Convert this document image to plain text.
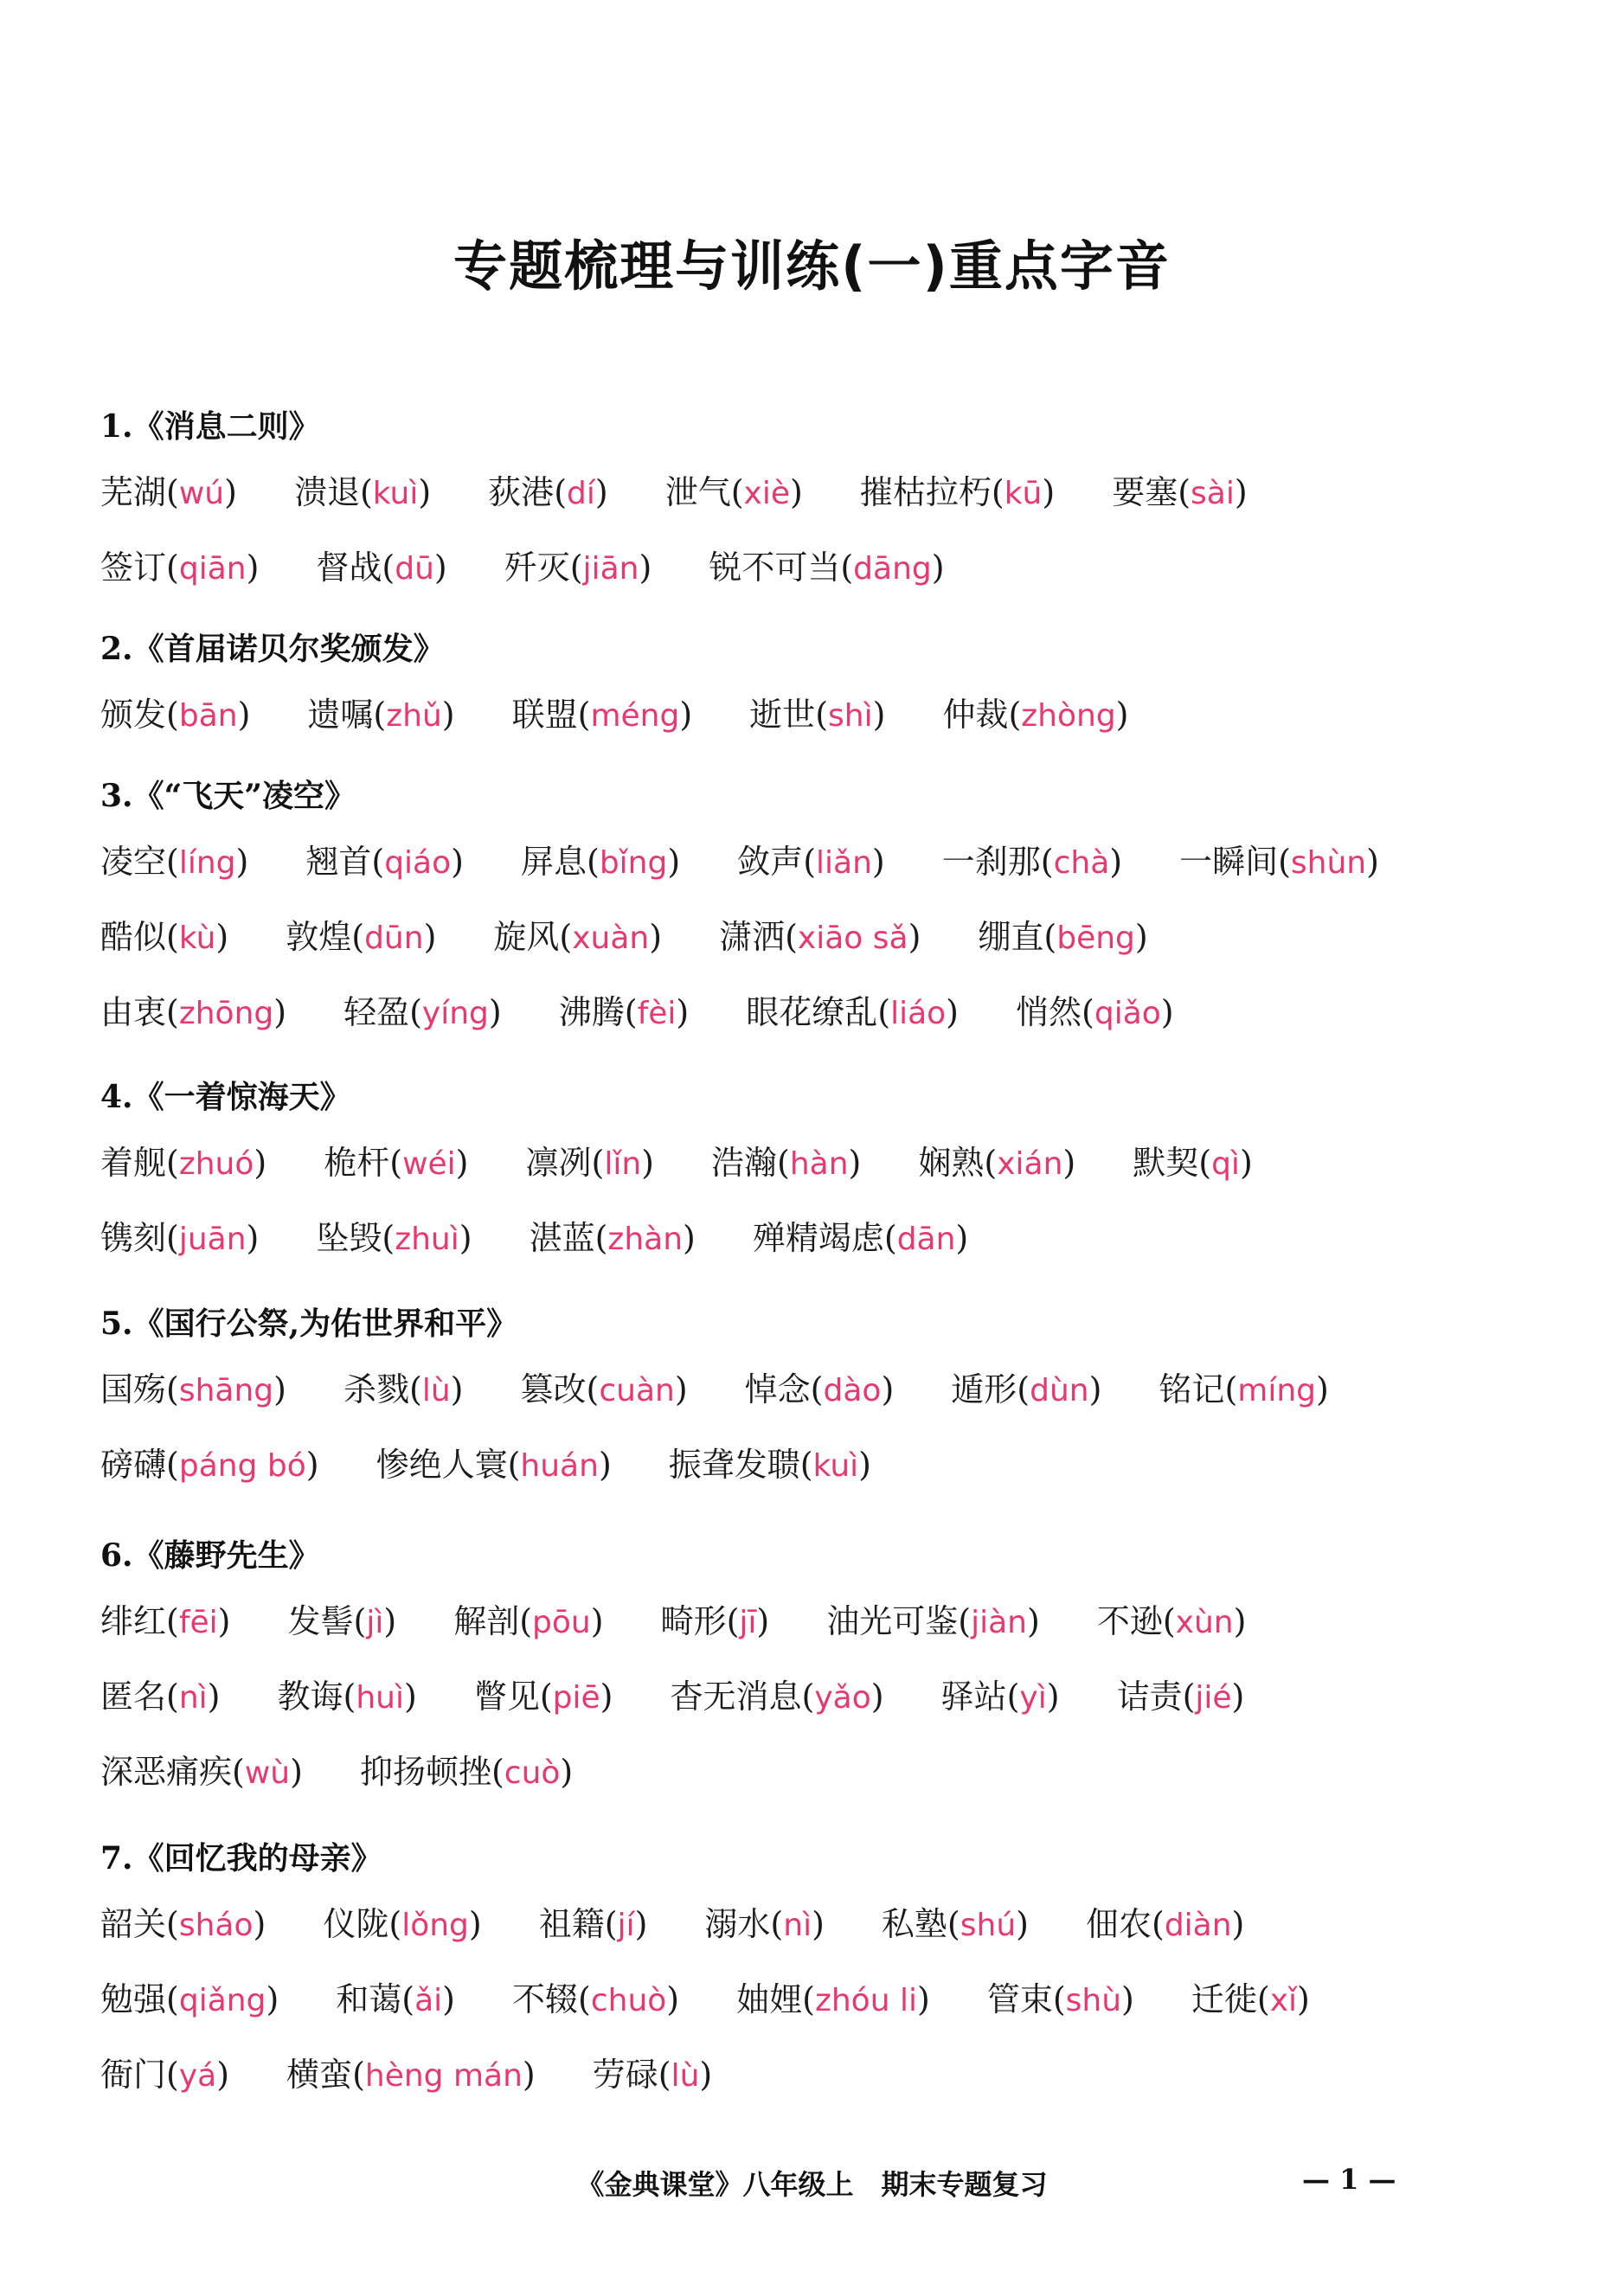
专题梳理与训练(一)重点字音
1.《消息二则》
芜湖 ( wú ) 溃退 ( kuì ) 荻港 ( dí ) 泄气 ( xiè ) 摧枯拉朽 ( kū ) 要塞 ( sài )
签订 ( qiān ) 督战 ( dū ) 歼灭 ( jiān ) 锐不可当 ( dāng )
2.《首届诺贝尔奖颁发》
颁发 ( bān ) 遗嘱 ( zhǔ ) 联盟 ( méng ) 逝世 ( shì ) 仲裁 ( zhòng )
3.《“飞天”凌空》
凌空 ( líng ) 翘首 ( qiáo ) 屏息 ( bǐng ) 敛声 ( liǎn ) 一刹那 ( chà ) 一瞬间 ( shùn )
酷似 ( kù ) 敦煌 ( dūn ) 旋风 ( xuàn ) 潇洒 ( xiāo sǎ ) 绷直 ( bēng )
由衷 ( zhōng ) 轻盈 ( yíng ) 沸腾 ( fèi ) 眼花缭乱 ( liáo ) 悄然 ( qiǎo )
4.《一着惊海天》
着舰 ( zhuó ) 桅杆 ( wéi ) 凛冽 ( lǐn ) 浩瀚 ( hàn ) 娴熟 ( xián ) 默契 ( qì )
镌刻 ( juān ) 坠毁 ( zhuì ) 湛蓝 ( zhàn ) 殚精竭虑 ( dān )
5.《国行公祭,为佑世界和平》
国殇 ( shāng ) 杀戮 ( lù ) 篡改 ( cuàn ) 悼念 ( dào ) 遁形 ( dùn ) 铭记 ( míng )
磅礴 ( páng bó ) 惨绝人寰 ( huán ) 振聋发聩 ( kuì )
6.《藤野先生》
绯红 ( fēi ) 发髻 ( jì ) 解剖 ( pōu ) 畸形 ( jī ) 油光可鉴 ( jiàn ) 不逊 ( xùn )
匿名 ( nì ) 教诲 ( huì ) 瞥见 ( piē ) 杳无消息 ( yǎo ) 驿站 ( yì ) 诘责 ( jié )
深恶痛疾 ( wù ) 抑扬顿挫 ( cuò )
7.《回忆我的母亲》
韶关 ( sháo ) 仪陇 ( lǒng ) 祖籍 ( jí ) 溺水 ( nì ) 私塾 ( shú ) 佃农 ( diàn )
勉强 ( qiǎng ) 和蔼 ( ǎi ) 不辍 ( chuò ) 妯娌 ( zhóu li ) 管束 ( shù ) 迁徙 ( xǐ )
衙门 ( yá ) 横蛮 ( hèng mán ) 劳碌 ( lù )
《金典课堂》八年级上　期末专题复习	— 1 —
